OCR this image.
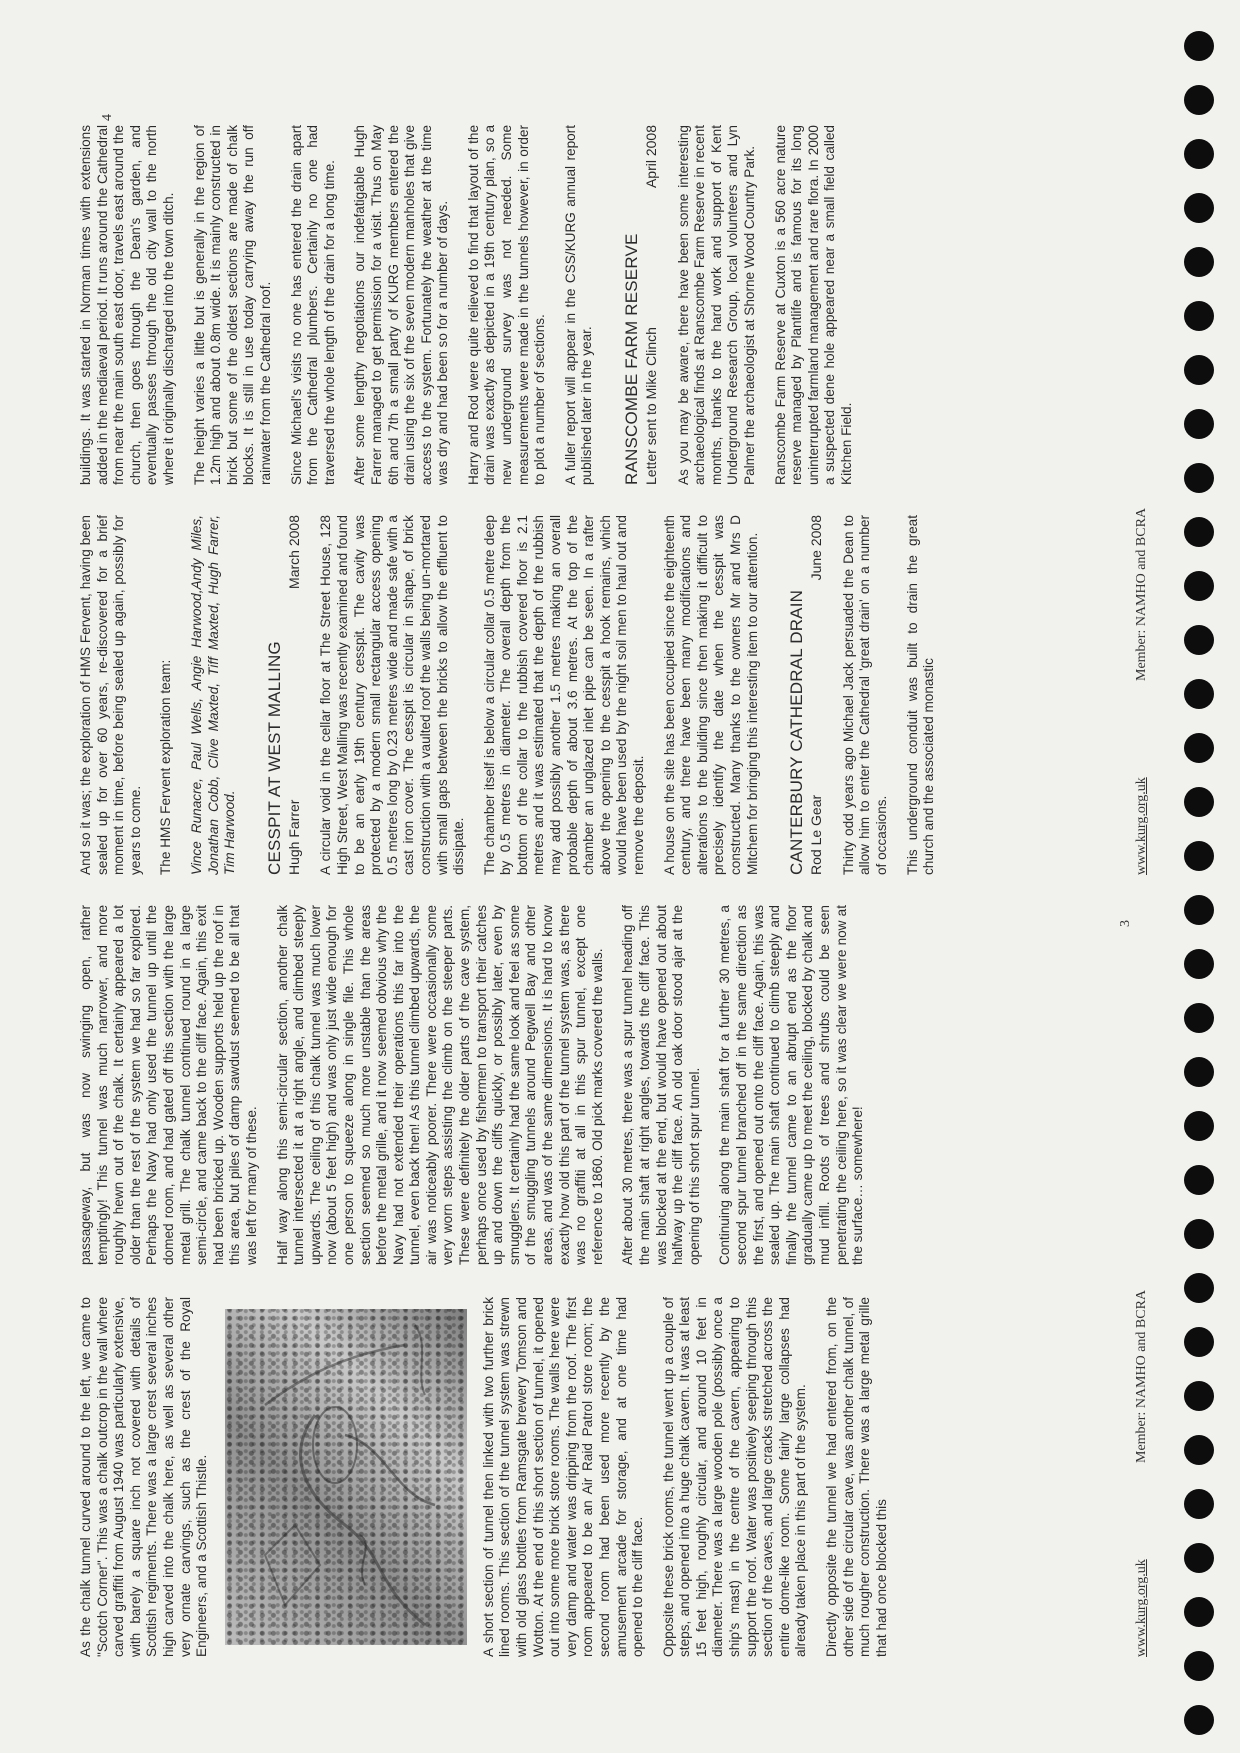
As the chalk tunnel curved around to the left, we came to "Scotch Corner". This was a chalk outcrop in the wall where carved graffiti from August 1940 was particularly extensive, with barely a square inch not covered with details of Scottish regiments. There was a large crest several inches high carved into the chalk here, as well as several other very ornate carvings, such as the crest of the Royal Engineers, and a Scottish Thistle.	A short section of tunnel then linked with two further brick lined rooms. This section of the tunnel system was strewn with old glass bottles from Ramsgate brewery Tomson and Wotton. At the end of this short section of tunnel, it opened out into some more brick store rooms. The walls here were very damp and water was dripping from the roof. The first room appeared to be an Air Raid Patrol store room; the second room had been used more recently by the amusement arcade for storage, and at one time had opened to the cliff face. Opposite these brick rooms, the tunnel went up a couple of steps, and opened into a huge chalk cavern. It was at least 15 feet high, roughly circular, and around 10 feet in diameter. There was a large wooden pole (possibly once a ship's mast) in the centre of the cavern, appearing to support the roof. Water was positively seeping through this section of the caves, and large cracks stretched across the entire dome-like room. Some fairly large collapses had already taken place in this part of the system. Directly opposite the tunnel we had entered from, on the other side of the circular cave, was another chalk tunnel, of much rougher construction. There was a large metal grille that had once blocked this

passageway, but was now swinging open, rather temptingly! This tunnel was much narrower, and more roughly hewn out of the chalk. It certainly appeared a lot older than the rest of the system we had so far explored. Perhaps the Navy had only used the tunnel up until the domed room, and had gated off this section with the large metal grill. The chalk tunnel continued round in a large semi-circle, and came back to the cliff face. Again, this exit had been bricked up. Wooden supports held up the roof in this area, but piles of damp sawdust seemed to be all that was left for many of these. Half way along this semi-circular section, another chalk tunnel intersected it at a right angle, and climbed steeply upwards. The ceiling of this chalk tunnel was much lower now (about 5 feet high) and was only just wide enough for one person to squeeze along in single file. This whole section seemed so much more unstable than the areas before the metal grille, and it now seemed obvious why the Navy had not extended their operations this far into the tunnel, even back then! As this tunnel climbed upwards, the air was noticeably poorer. There were occasionally some very worn steps assisting the climb on the steeper parts. These were definitely the older parts of the cave system, perhaps once used by fishermen to transport their catches up and down the cliffs quickly, or possibly later, even by smugglers. It certainly had the same look and feel as some of the smuggling tunnels around Pegwell Bay and other areas, and was of the same dimensions. It is hard to know exactly how old this part of the tunnel system was, as there was no graffiti at all in this spur tunnel, except one reference to 1860. Old pick marks covered the walls. After about 30 metres, there was a spur tunnel heading off the main shaft at right angles, towards the cliff face. This was blocked at the end, but would have opened out about halfway up the cliff face. An old oak door stood ajar at the opening of this short spur tunnel. Continuing along the main shaft for a further 30 metres, a second spur tunnel branched off in the same direction as the first, and opened out onto the cliff face. Again, this was sealed up. The main shaft continued to climb steeply and finally the tunnel came to an abrupt end as the floor gradually came up to meet the ceiling, blocked by chalk and mud infill. Roots of trees and shrubs could be seen penetrating the ceiling here, so it was clear we were now at the surface… somewhere!

And so it was; the exploration of HMS Fervent, having been sealed up for over 60 years, re-discovered for a brief moment in time, before being sealed up again, possibly for years to come. The HMS Fervent exploration team: Vince Runacre, Paul Wells, Angie Harwood,Andy Miles, Jonathan Cobb, Clive Maxted, Tiff Maxted, Hugh Farrer, Tim Harwood. CESSPIT AT WEST MALLING Hugh Farrer
March 2008 A circular void in the cellar floor at The Street House, 128 High Street, West Malling was recently examined and found to be an early 19th century cesspit. The cavity was protected by a modern small rectangular access opening 0.5 metres long by 0.23 metres wide and made safe with a cast iron cover. The cesspit is circular in shape, of brick construction with a vaulted roof the walls being un-mortared with small gaps between the bricks to allow the effluent to dissipate. The chamber itself is below a circular collar 0.5 metre deep by 0.5 metres in diameter. The overall depth from the bottom of the collar to the rubbish covered floor is 2.1 metres and it was estimated that the depth of the rubbish may add possibly another 1.5 metres making an overall probable depth of about 3.6 metres. At the top of the chamber an unglazed inlet pipe can be seen. In a rafter above the opening to the cesspit a hook remains, which would have been used by the night soil men to haul out and remove the deposit. A house on the site has been occupied since the eighteenth century, and there have been many modifications and alterations to the building since then making it difficult to precisely identify the date when the cesspit was constructed. Many thanks to the owners Mr and Mrs D Mitchem for bringing this interesting item to our attention. CANTERBURY CATHEDRAL DRAIN Rod Le Gear
June 2008 Thirty odd years ago Michael Jack persuaded the Dean to allow him to enter the Cathedral 'great drain' on a number of occasions. This underground conduit was built to drain the great church and the associated monastic

buildings. It was started in Norman times with extensions added in the mediaeval period. It runs around the Cathedral from near the main south east door, travels east around the church, then goes through the Dean's garden, and eventually passes through the old city wall to the north where it originally discharged into the town ditch. The height varies a little but is generally in the region of 1.2m high and about 0.8m wide. It is mainly constructed in brick but some of the oldest sections are made of chalk blocks. It is still in use today carrying away the run off rainwater from the Cathedral roof. Since Michael's visits no one has entered the drain apart from the Cathedral plumbers. Certainly no one had traversed the whole length of the drain for a long time. After some lengthy negotiations our indefatigable Hugh Farrer managed to get permission for a visit. Thus on May 6th and 7th a small party of KURG members entered the drain using the six of the seven modern manholes that give access to the system. Fortunately the weather at the time was dry and had been so for a number of days. Harry and Rod were quite relieved to find that layout of the drain was exactly as depicted in a 19th century plan, so a new underground survey was not needed. Some measurements were made in the tunnels however, in order to plot a number of sections. A fuller report will appear in the CSS/KURG annual report published later in the year. RANSCOMBE FARM RESERVE Letter sent to Mike Clinch
April 2008 As you may be aware, there have been some interesting archaeological finds at Ranscombe Farm Reserve in recent months, thanks to the hard work and support of Kent Underground Research Group, local volunteers and Lyn Palmer the archaeologist at Shorne Wood Country Park. Ranscombe Farm Reserve at Cuxton is a 560 acre nature reserve managed by Plantlife and is famous for its long uninterrupted farmland management and rare flora. In 2000 a suspected dene hole appeared near a small field called Kitchen Field.

www.kurg.org.uk
Member: NAMHO and BCRA
3
www.kurg.org.uk
Member: NAMHO and BCRA
4
